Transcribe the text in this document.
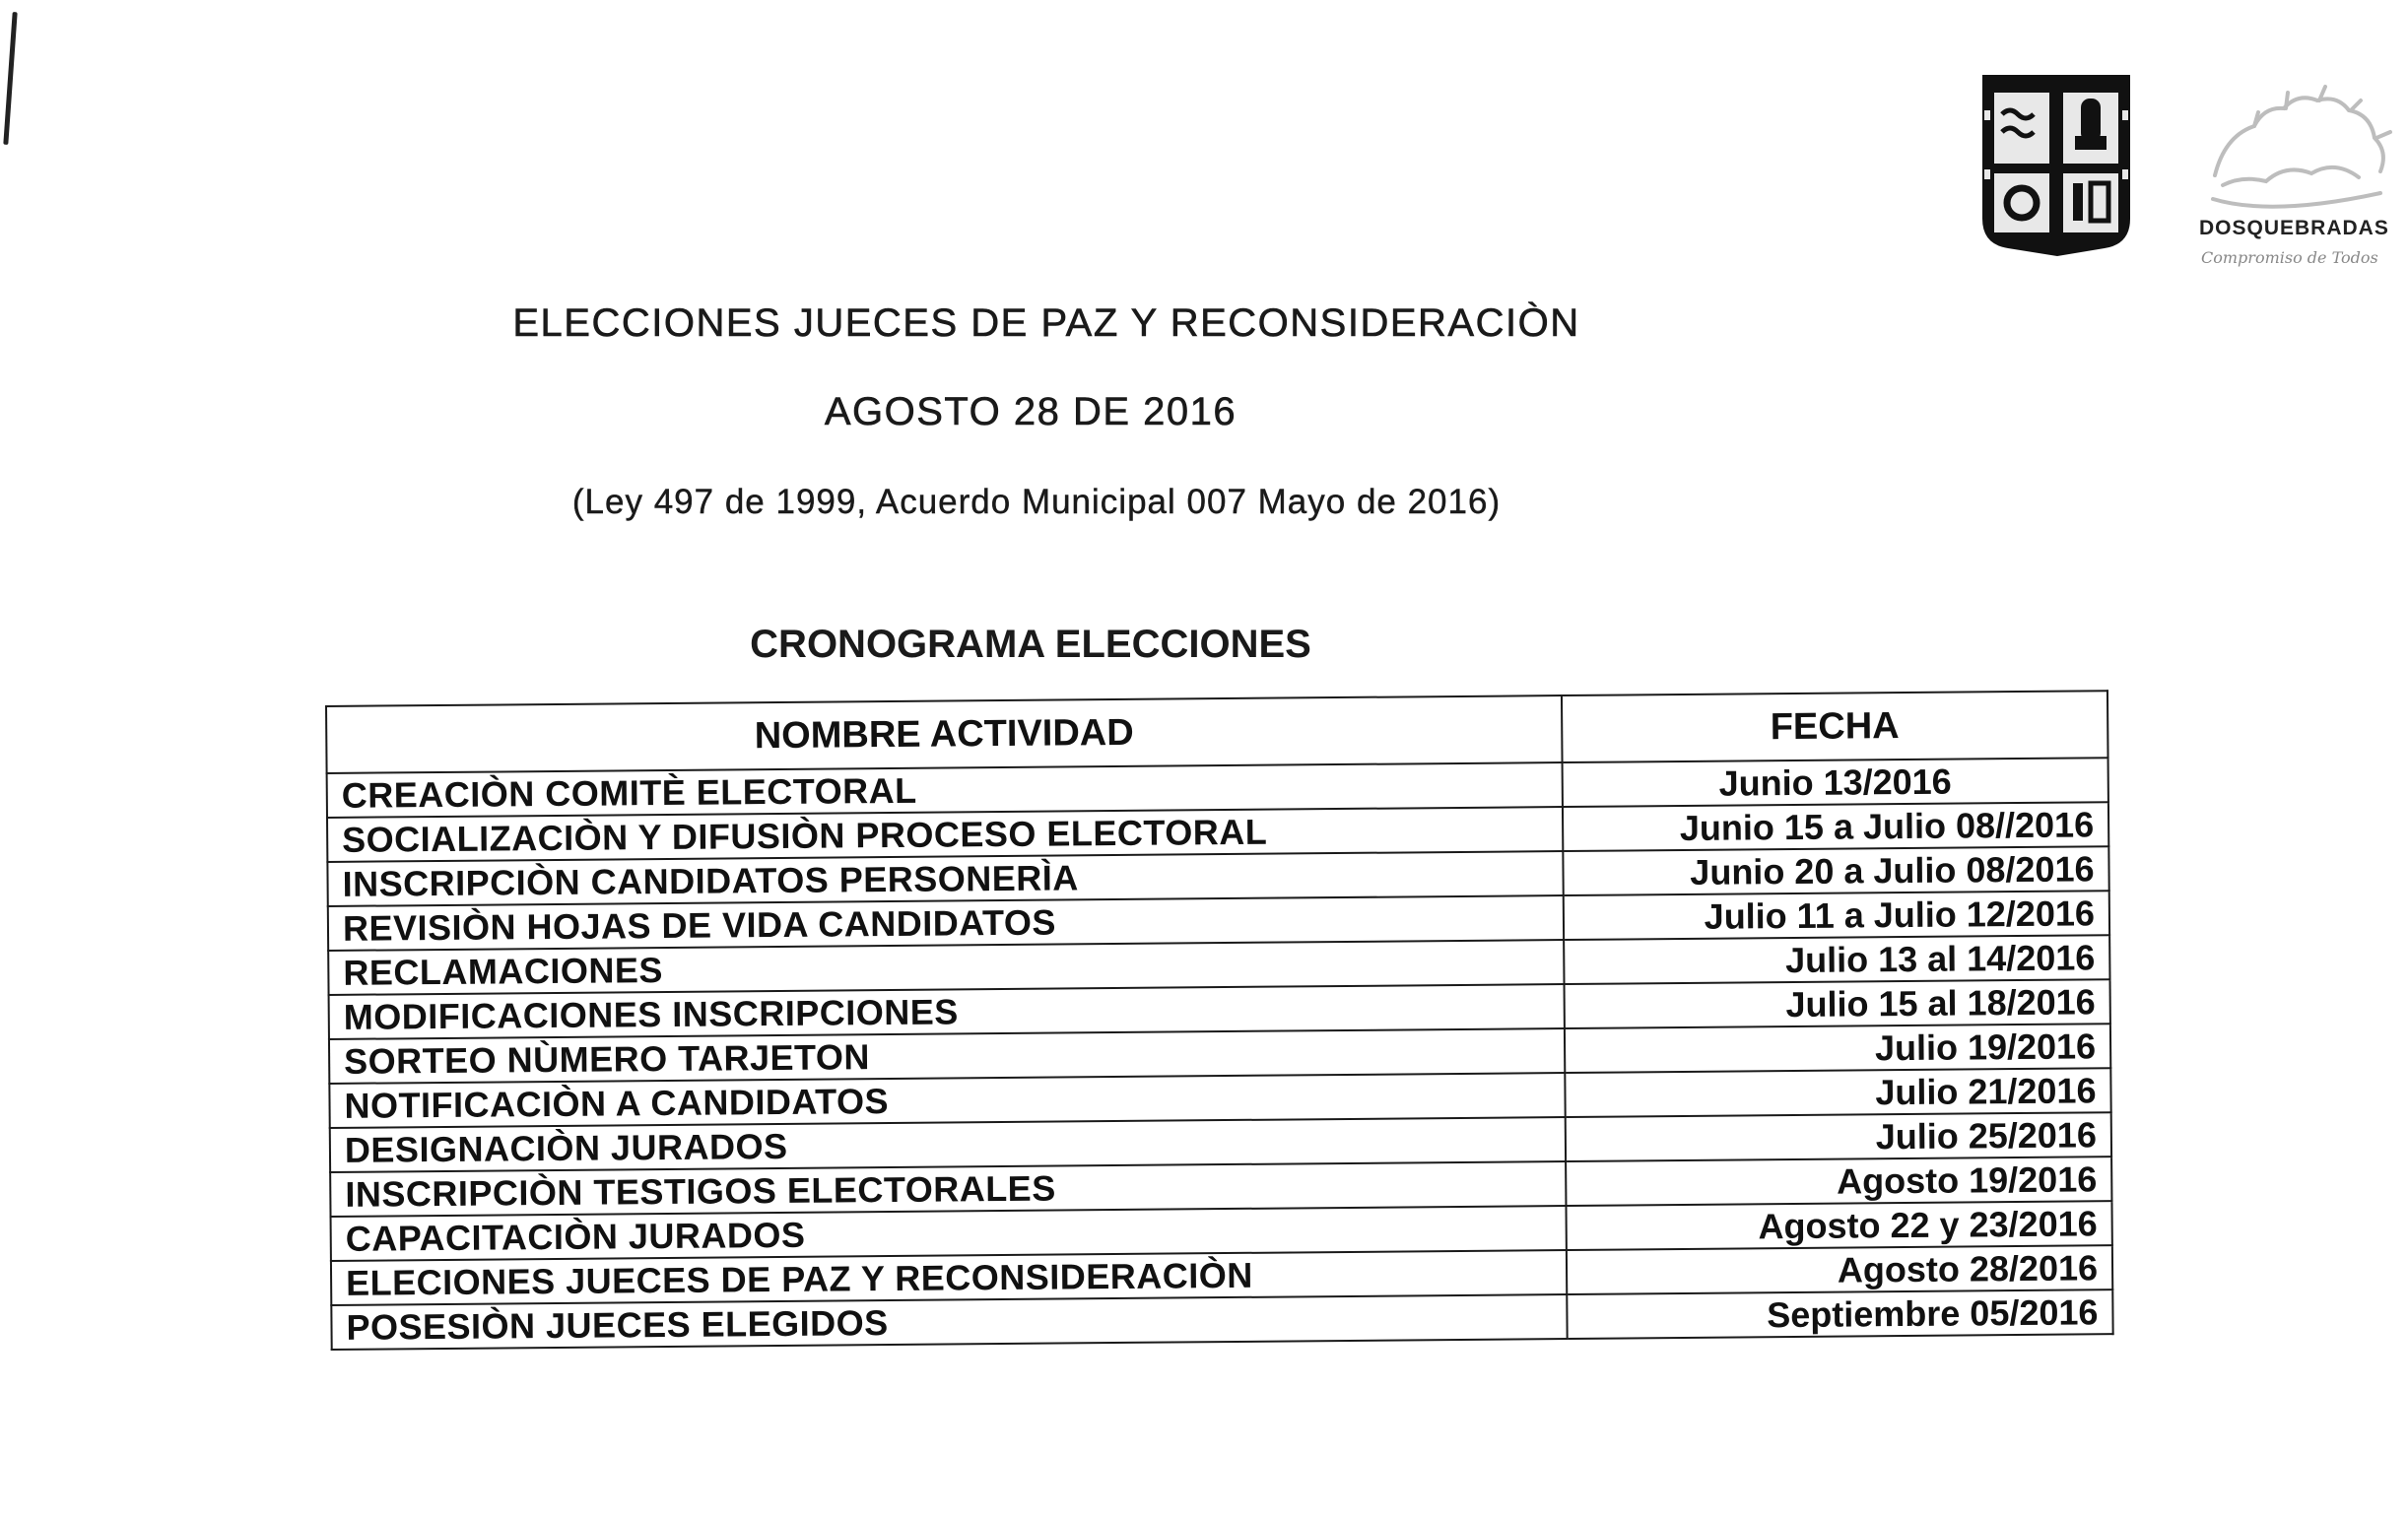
DOSQUEBRADAS
Compromiso de Todos
ELECCIONES JUECES DE PAZ Y RECONSIDERACIÒN
AGOSTO 28 DE 2016

(Ley 497 de 1999, Acuerdo Municipal 007 Mayo de 2016)

CRONOGRAMA ELECCIONES
NOMBRE ACTIVIDAD	FECHA
CREACIÒN COMITÈ ELECTORAL	Junio 13/2016
SOCIALIZACIÒN Y DIFUSIÒN PROCESO ELECTORAL	Junio 15 a Julio 08//2016
INSCRIPCIÒN CANDIDATOS PERSONERÌA	Junio 20 a Julio 08/2016
REVISIÒN HOJAS DE VIDA CANDIDATOS	Julio 11 a Julio 12/2016
RECLAMACIONES	Julio 13 al 14/2016
MODIFICACIONES INSCRIPCIONES	Julio 15 al 18/2016
SORTEO NÙMERO TARJETON	Julio 19/2016
NOTIFICACIÒN A CANDIDATOS	Julio 21/2016
DESIGNACIÒN JURADOS	Julio 25/2016
INSCRIPCIÒN TESTIGOS ELECTORALES	Agosto 19/2016
CAPACITACIÒN JURADOS	Agosto 22 y 23/2016
ELECIONES JUECES DE PAZ Y RECONSIDERACIÒN	Agosto 28/2016
POSESIÒN JUECES ELEGIDOS	Septiembre 05/2016
